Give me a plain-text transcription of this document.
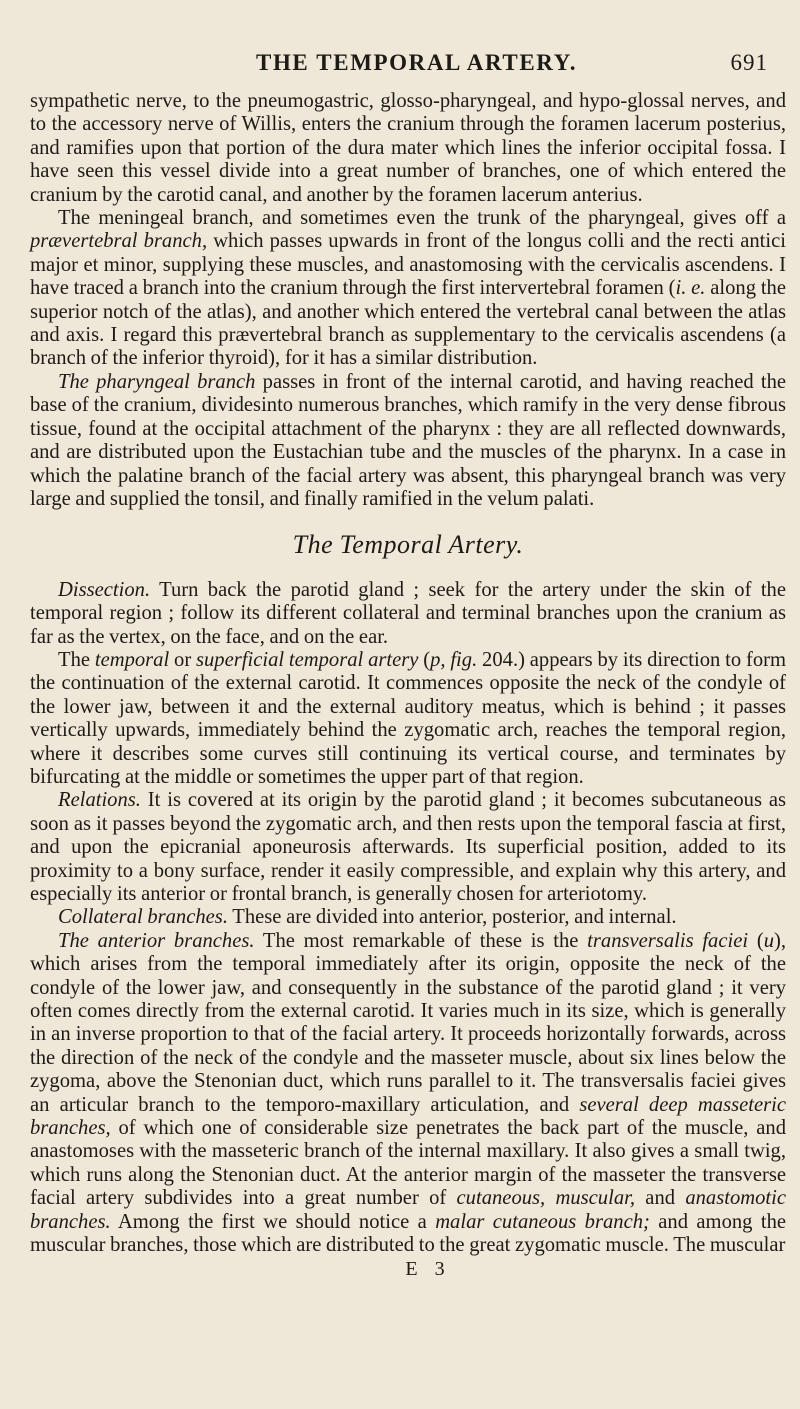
THE TEMPORAL ARTERY.	691

sympathetic nerve, to the pneumogastric, glosso-pharyngeal, and hypo-glossal nerves, and to the accessory nerve of Willis, enters the cranium through the foramen lacerum posterius, and ramifies upon that portion of the dura mater which lines the inferior occipital fossa. I have seen this vessel divide into a great number of branches, one of which entered the cranium by the carotid canal, and another by the foramen lacerum anterius.

The meningeal branch, and sometimes even the trunk of the pharyngeal, gives off a prævertebral branch, which passes upwards in front of the longus colli and the recti antici major et minor, supplying these muscles, and anastomosing with the cervicalis ascendens. I have traced a branch into the cranium through the first intervertebral foramen (i. e. along the superior notch of the atlas), and another which entered the vertebral canal between the atlas and axis. I regard this prævertebral branch as supplementary to the cervicalis ascendens (a branch of the inferior thyroid), for it has a similar distribution.

The pharyngeal branch passes in front of the internal carotid, and having reached the base of the cranium, dividesinto numerous branches, which ramify in the very dense fibrous tissue, found at the occipital attachment of the pharynx : they are all reflected downwards, and are distributed upon the Eustachian tube and the muscles of the pharynx. In a case in which the palatine branch of the facial artery was absent, this pharyngeal branch was very large and supplied the tonsil, and finally ramified in the velum palati.

The Temporal Artery.

Dissection. Turn back the parotid gland ; seek for the artery under the skin of the temporal region ; follow its different collateral and terminal branches upon the cranium as far as the vertex, on the face, and on the ear.

The temporal or superficial temporal artery (p, fig. 204.) appears by its direction to form the continuation of the external carotid. It commences opposite the neck of the condyle of the lower jaw, between it and the external auditory meatus, which is behind ; it passes vertically upwards, immediately behind the zygomatic arch, reaches the temporal region, where it describes some curves still continuing its vertical course, and terminates by bifurcating at the middle or sometimes the upper part of that region.

Relations. It is covered at its origin by the parotid gland ; it becomes subcutaneous as soon as it passes beyond the zygomatic arch, and then rests upon the temporal fascia at first, and upon the epicranial aponeurosis afterwards. Its superficial position, added to its proximity to a bony surface, render it easily compressible, and explain why this artery, and especially its anterior or frontal branch, is generally chosen for arteriotomy.

Collateral branches. These are divided into anterior, posterior, and internal.

The anterior branches. The most remarkable of these is the transversalis faciei (u), which arises from the temporal immediately after its origin, opposite the neck of the condyle of the lower jaw, and consequently in the substance of the parotid gland ; it very often comes directly from the external carotid. It varies much in its size, which is generally in an inverse proportion to that of the facial artery. It proceeds horizontally forwards, across the direction of the neck of the condyle and the masseter muscle, about six lines below the zygoma, above the Stenonian duct, which runs parallel to it. The transversalis faciei gives an articular branch to the temporo-maxillary articulation, and several deep masseteric branches, of which one of considerable size penetrates the back part of the muscle, and anastomoses with the masseteric branch of the internal maxillary. It also gives a small twig, which runs along the Stenonian duct. At the anterior margin of the masseter the transverse facial artery subdivides into a great number of cutaneous, muscular, and anastomotic branches. Among the first we should notice a malar cutaneous branch; and among the muscular branches, those which are distributed to the great zygomatic muscle. The muscular

E 3
